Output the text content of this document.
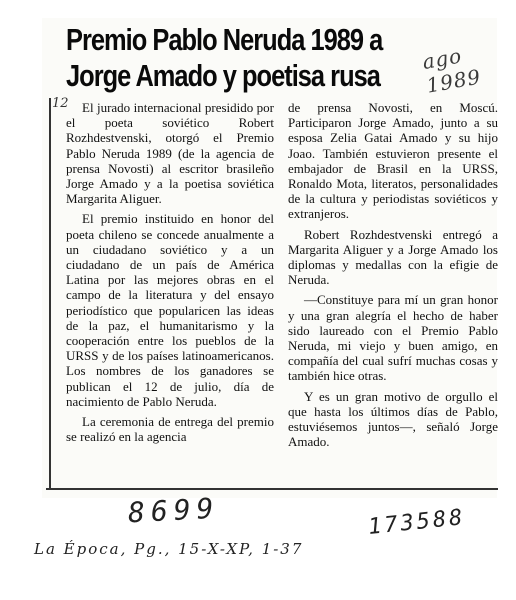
Premio Pablo Neruda 1989 a
Jorge Amado y poetisa rusa	ago 1989
12	El jurado internacional presidido por el poeta soviético Robert Rozhdestvenski, otorgó el Premio Pablo Neruda 1989 (de la agencia de prensa Novosti) al escritor brasileño Jorge Amado y a la poetisa soviética Margarita Aliguer.

El premio instituido en honor del poeta chileno se concede anualmente a un ciudadano soviético y a un ciudadano de un país de América Latina por las mejores obras en el campo de la literatura y del ensayo periodístico que popularicen las ideas de la paz, el humanitarismo y la cooperación entre los pueblos de la URSS y de los países latinoamericanos. Los nombres de los ganadores se publican el 12 de julio, día de nacimiento de Pablo Neruda.

La ceremonia de entrega del premio se realizó en la agencia

de prensa Novosti, en Moscú. Participaron Jorge Amado, junto a su esposa Zelia Gatai Amado y su hijo Joao. También estuvieron presente el embajador de Brasil en la URSS, Ronaldo Mota, literatos, personalidades de la cultura y periodistas soviéticos y extranjeros.

Robert Rozhdestvenski entregó a Margarita Aliguer y a Jorge Amado los diplomas y medallas con la efigie de Neruda.

—Constituye para mí un gran honor y una gran alegría el hecho de haber sido laureado con el Premio Pablo Neruda, mi viejo y buen amigo, en compañía del cual sufrí muchas cosas y también hice otras.

Y es un gran motivo de orgullo el que hasta los últimos días de Pablo, estuviésemos juntos—, señaló Jorge Amado.

8699	173588
La Época, Pg., 15-X-XP, 1-37
